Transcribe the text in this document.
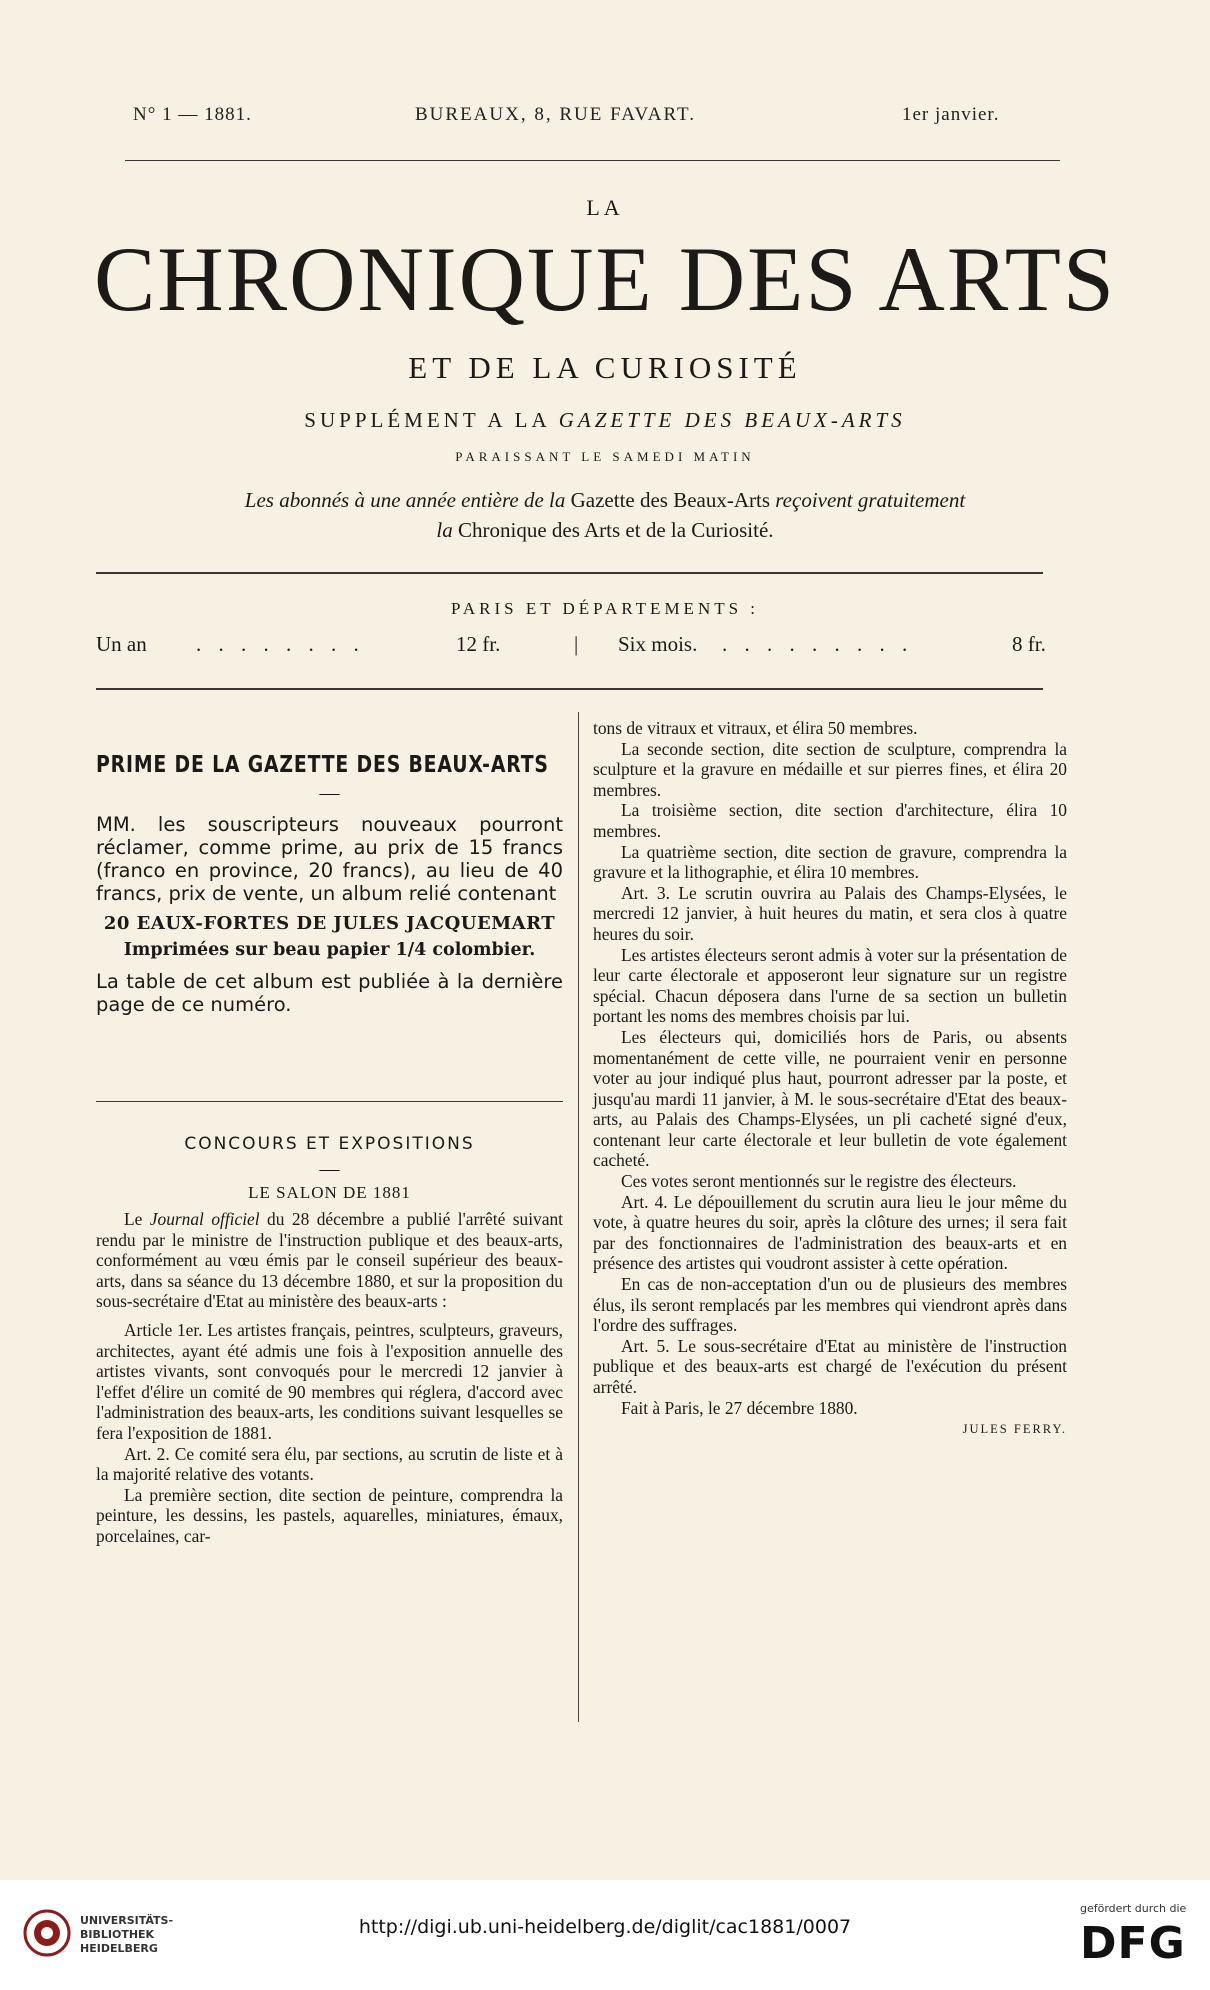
N° 1 — 1881.	BUREAUX, 8, RUE FAVART.	1er janvier.
LA
CHRONIQUE DES ARTS
ET DE LA CURIOSITÉ
SUPPLÉMENT A LA GAZETTE DES BEAUX-ARTS
PARAISSANT LE SAMEDI MATIN
Les abonnés à une année entière de la Gazette des Beaux-Arts reçoivent gratuitement
la Chronique des Arts et de la Curiosité.
PARIS ET DÉPARTEMENTS :
Un an . . . . . . . .	12 fr.	| Six mois. . . . . . . . . .	8 fr.
PRIME DE LA GAZETTE DES BEAUX-ARTS
—

MM. les souscripteurs nouveaux pourront réclamer, comme prime, au prix de 15 francs (franco en province, 20 francs), au lieu de 40 francs, prix de vente, un album relié contenant

20 EAUX-FORTES DE JULES JACQUEMART

Imprimées sur beau papier 1/4 colombier.

La table de cet album est publiée à la dernière page de ce numéro.

CONCOURS ET EXPOSITIONS
—
LE SALON DE 1881

Le Journal officiel du 28 décembre a publié l'arrêté suivant rendu par le ministre de l'instruction publique et des beaux-arts, conformément au vœu émis par le conseil supérieur des beaux-arts, dans sa séance du 13 décembre 1880, et sur la proposition du sous-secrétaire d'Etat au ministère des beaux-arts :

Article 1er. Les artistes français, peintres, sculpteurs, graveurs, architectes, ayant été admis une fois à l'exposition annuelle des artistes vivants, sont convoqués pour le mercredi 12 janvier à l'effet d'élire un comité de 90 membres qui réglera, d'accord avec l'administration des beaux-arts, les conditions suivant lesquelles se fera l'exposition de 1881.

Art. 2. Ce comité sera élu, par sections, au scrutin de liste et à la majorité relative des votants.

La première section, dite section de peinture, comprendra la peinture, les dessins, les pastels, aquarelles, miniatures, émaux, porcelaines, car-

tons de vitraux et vitraux, et élira 50 membres.

La seconde section, dite section de sculpture, comprendra la sculpture et la gravure en médaille et sur pierres fines, et élira 20 membres.

La troisième section, dite section d'architecture, élira 10 membres.

La quatrième section, dite section de gravure, comprendra la gravure et la lithographie, et élira 10 membres.

Art. 3. Le scrutin ouvrira au Palais des Champs-Elysées, le mercredi 12 janvier, à huit heures du matin, et sera clos à quatre heures du soir.

Les artistes électeurs seront admis à voter sur la présentation de leur carte électorale et apposeront leur signature sur un registre spécial. Chacun déposera dans l'urne de sa section un bulletin portant les noms des membres choisis par lui.

Les électeurs qui, domiciliés hors de Paris, ou absents momentanément de cette ville, ne pourraient venir en personne voter au jour indiqué plus haut, pourront adresser par la poste, et jusqu'au mardi 11 janvier, à M. le sous-secrétaire d'Etat des beaux-arts, au Palais des Champs-Elysées, un pli cacheté signé d'eux, contenant leur carte électorale et leur bulletin de vote également cacheté.

Ces votes seront mentionnés sur le registre des électeurs.

Art. 4. Le dépouillement du scrutin aura lieu le jour même du vote, à quatre heures du soir, après la clôture des urnes; il sera fait par des fonctionnaires de l'administration des beaux-arts et en présence des artistes qui voudront assister à cette opération.

En cas de non-acceptation d'un ou de plusieurs des membres élus, ils seront remplacés par les membres qui viendront après dans l'ordre des suffrages.

Art. 5. Le sous-secrétaire d'Etat au ministère de l'instruction publique et des beaux-arts est chargé de l'exécution du présent arrêté.

Fait à Paris, le 27 décembre 1880.

JULES FERRY.
UNIVERSITÄTS-
BIBLIOTHEK
HEIDELBERG
http://digi.ub.uni-heidelberg.de/diglit/cac1881/0007
gefördert durch die
DFG
